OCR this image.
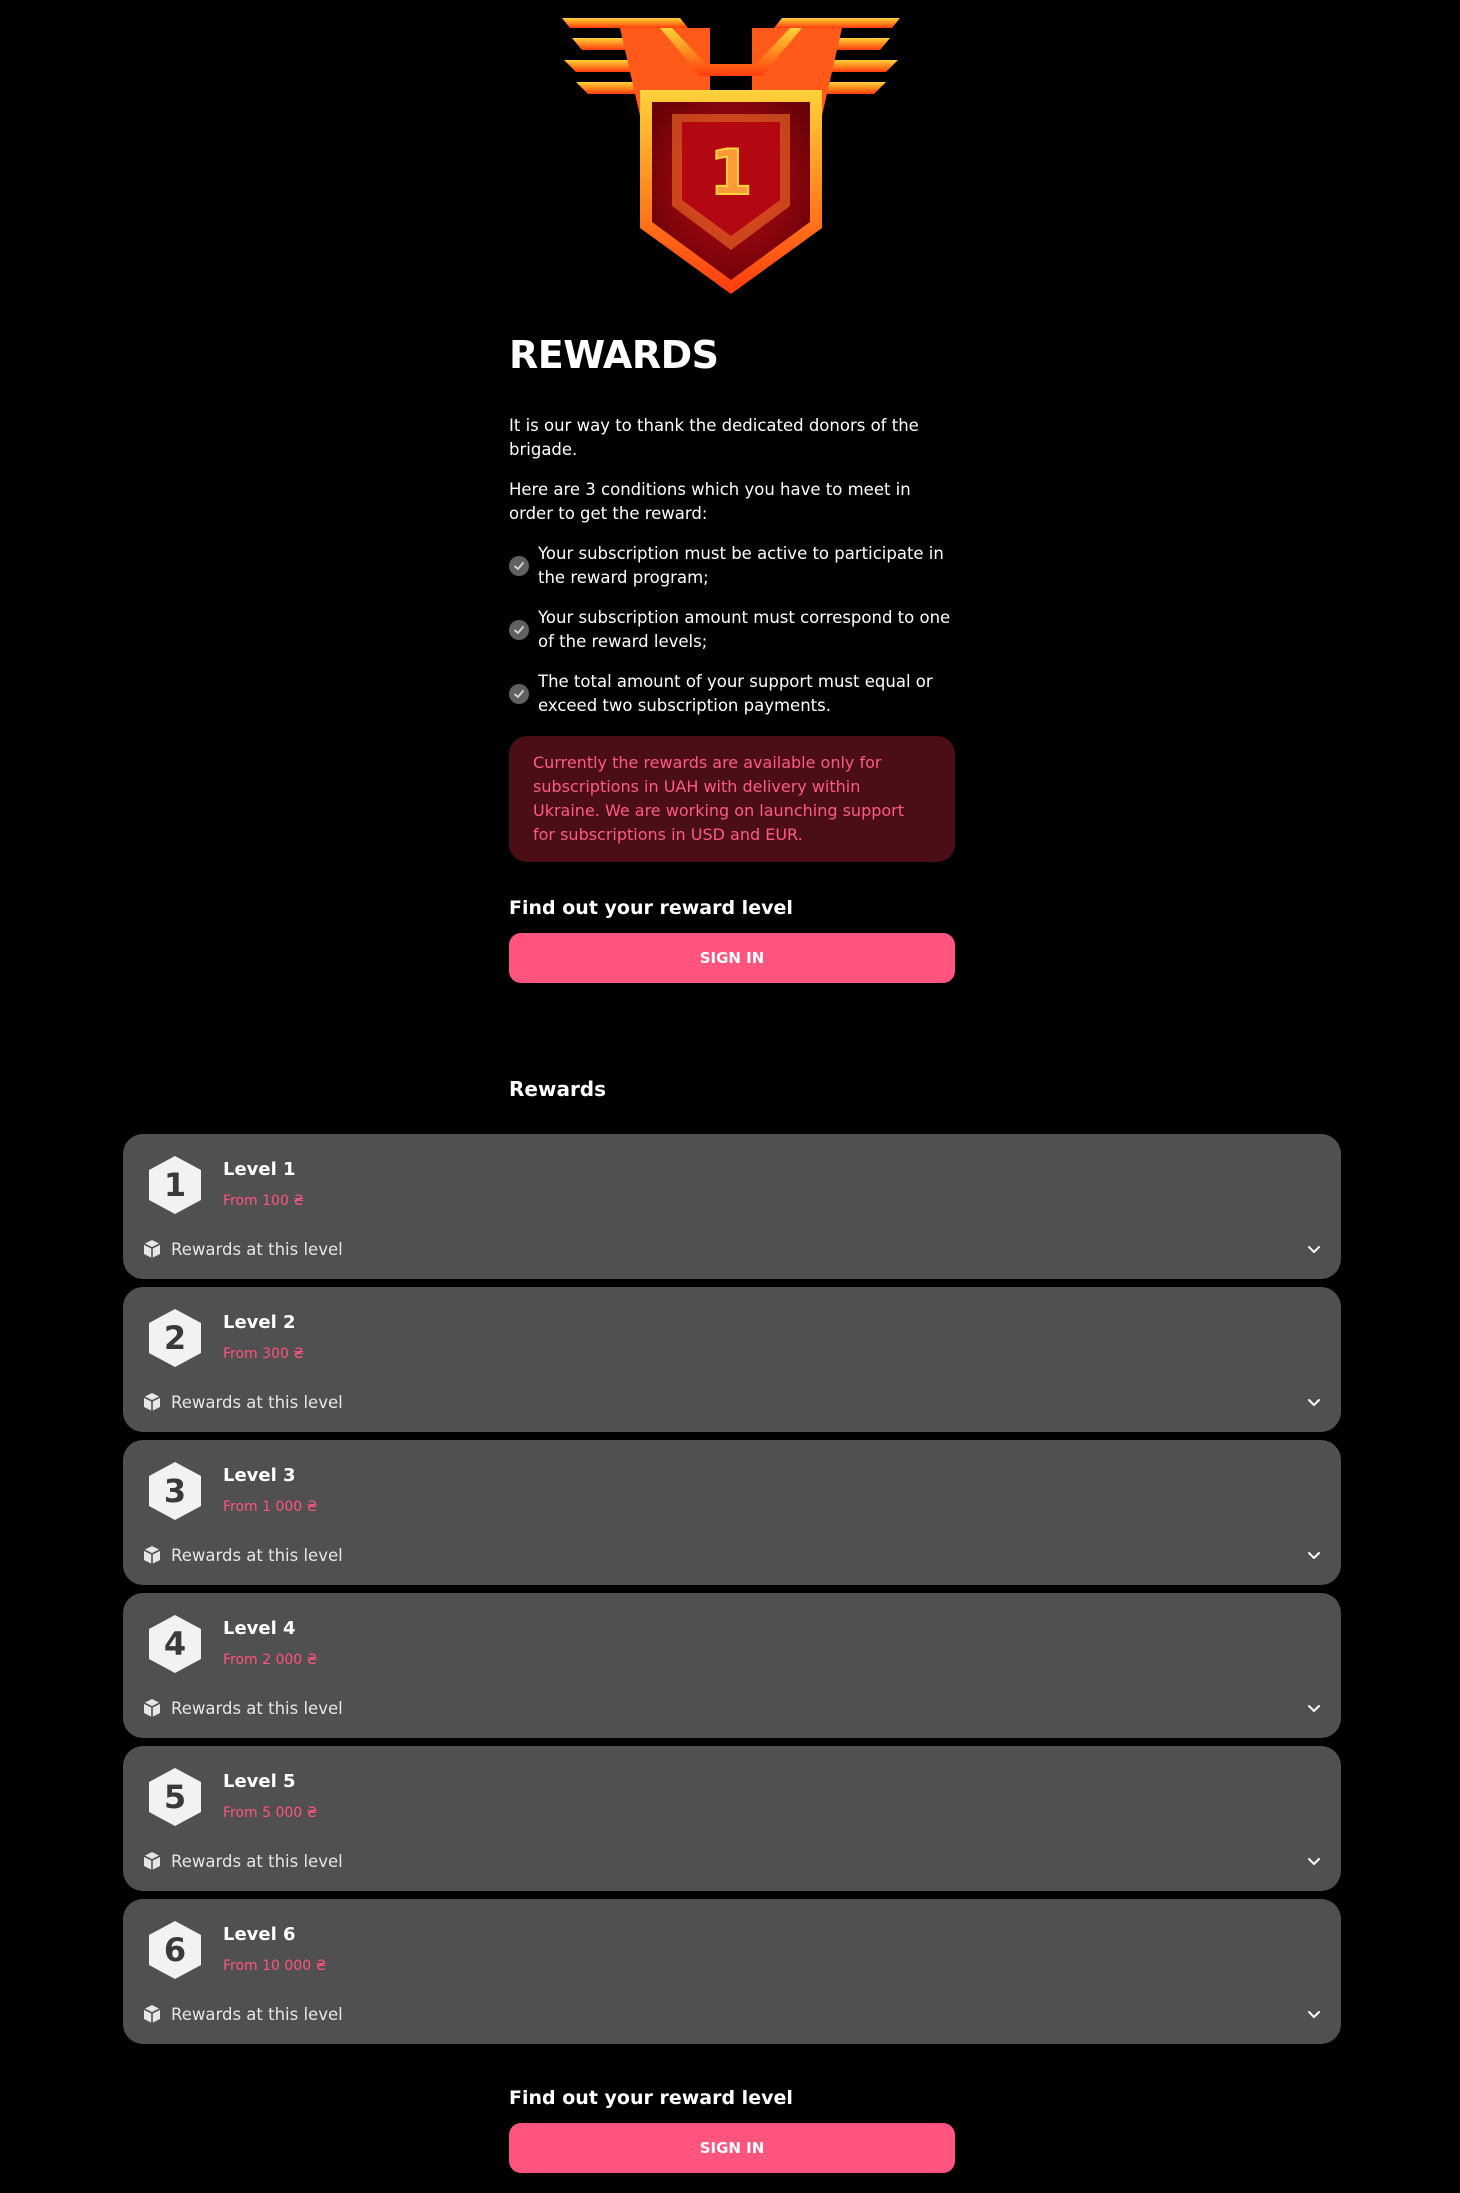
1
REWARDS

It is our way to thank the dedicated donors of the brigade.

Here are 3 conditions which you have to meet in order to get the reward:

Your subscription must be active to participate in the reward program;
Your subscription amount must correspond to one of the reward levels;
The total amount of your support must equal or exceed two subscription payments.
Currently the rewards are available only for subscriptions in UAH with delivery within Ukraine. We are working on launching support for subscriptions in USD and EUR.
Find out your reward level
SIGN IN
Rewards
1	Level 1
From 100 ₴
Rewards at this level
2	Level 2
From 300 ₴
Rewards at this level
3	Level 3
From 1 000 ₴
Rewards at this level
4	Level 4
From 2 000 ₴
Rewards at this level
5	Level 5
From 5 000 ₴
Rewards at this level
6	Level 6
From 10 000 ₴
Rewards at this level
Find out your reward level
SIGN IN
